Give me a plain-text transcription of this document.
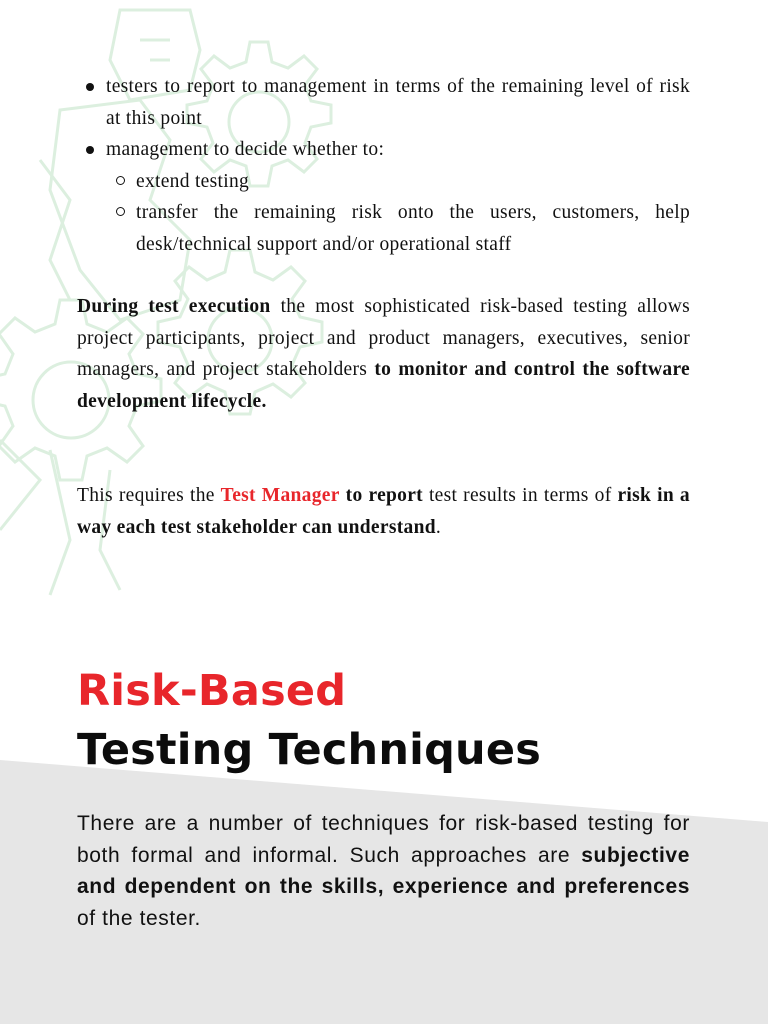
testers to report to management in terms of the remaining level of risk at this point
management to decide whether to:
extend testing
transfer the remaining risk onto the users, customers, help desk/technical support and/or operational staff

During test execution the most sophisticated risk-based testing allows project participants, project and product managers, executives, senior managers, and project stakeholders to monitor and control the software development lifecycle.

This requires the Test Manager to report test results in terms of risk in a way each test stakeholder can understand.

Risk-Based
Testing Techniques

There are a number of techniques for risk-based testing for both formal and informal. Such approaches are subjective and dependent on the skills, experience and preferences of the tester.
